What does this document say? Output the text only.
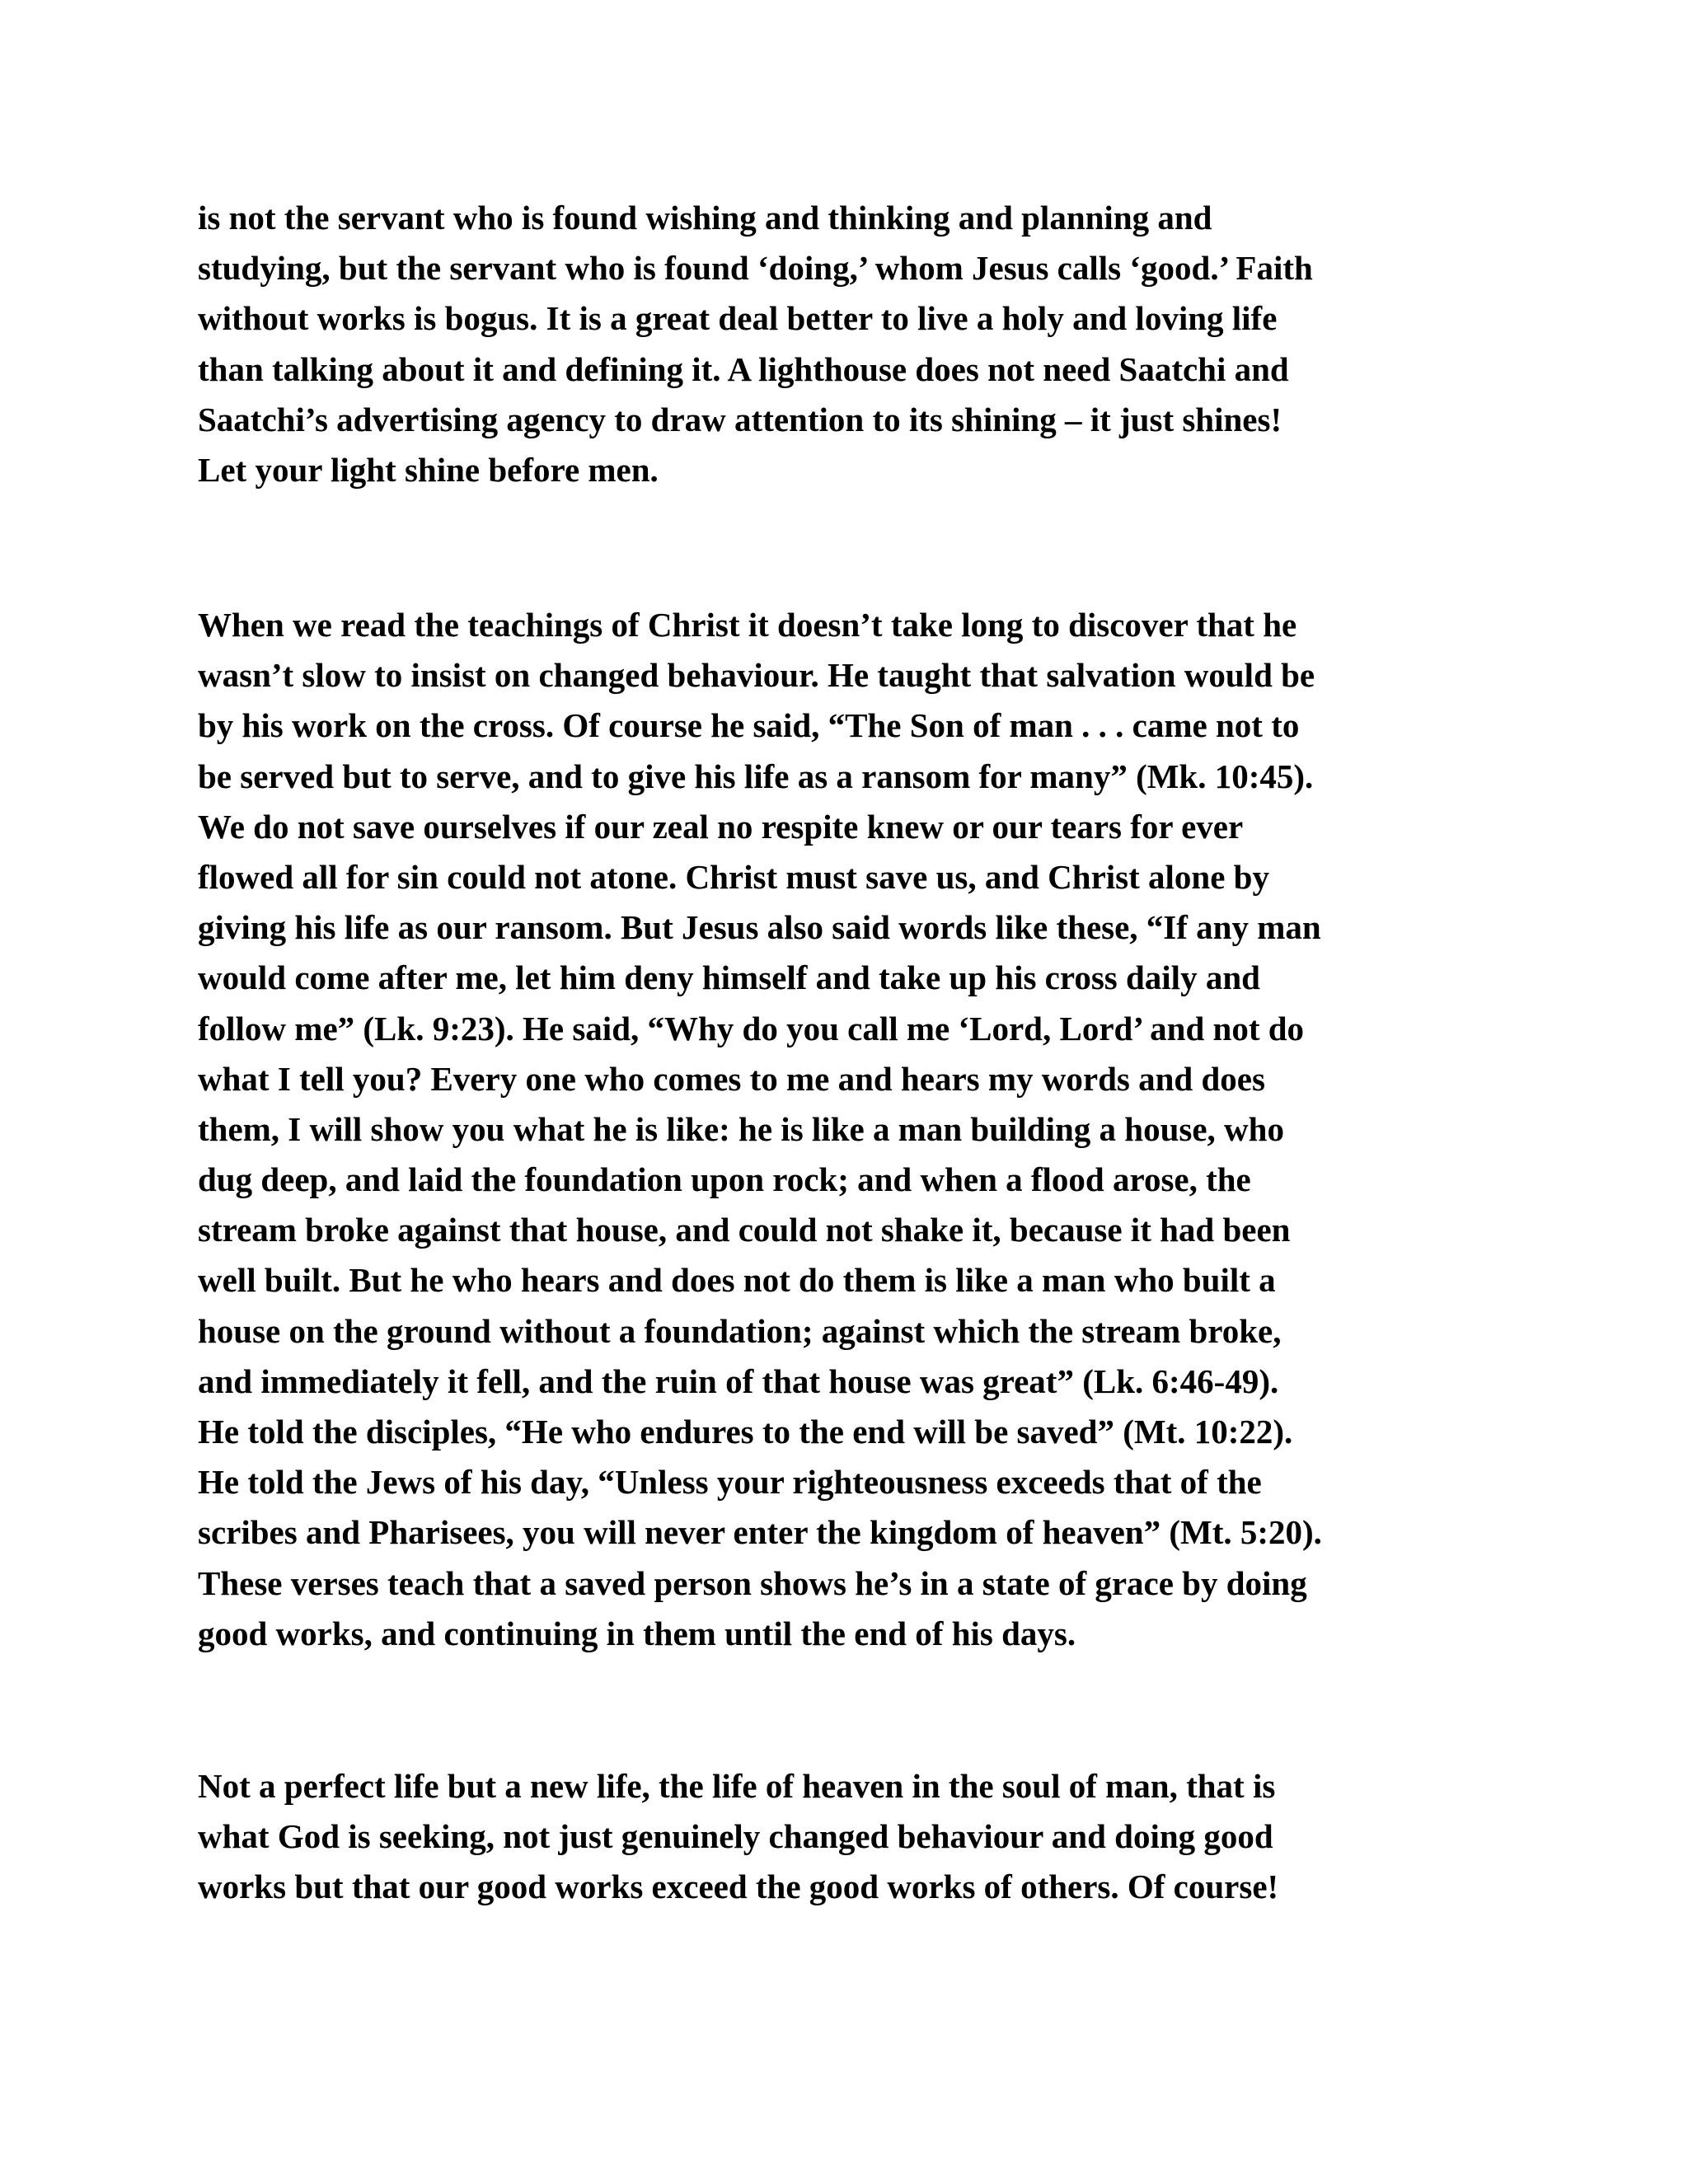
is not the servant who is found wishing and thinking and planning and
studying, but the servant who is found ‘doing,’ whom Jesus calls ‘good.’ Faith
without works is bogus. It is a great deal better to live a holy and loving life
than talking about it and defining it. A lighthouse does not need Saatchi and
Saatchi’s advertising agency to draw attention to its shining – it just shines!
Let your light shine before men.
When we read the teachings of Christ it doesn’t take long to discover that he
wasn’t slow to insist on changed behaviour. He taught that salvation would be
by his work on the cross. Of course he said, “The Son of man . . . came not to
be served but to serve, and to give his life as a ransom for many” (Mk. 10:45).
We do not save ourselves if our zeal no respite knew or our tears for ever
flowed all for sin could not atone. Christ must save us, and Christ alone by
giving his life as our ransom. But Jesus also said words like these, “If any man
would come after me, let him deny himself and take up his cross daily and
follow me” (Lk. 9:23). He said, “Why do you call me ‘Lord, Lord’ and not do
what I tell you? Every one who comes to me and hears my words and does
them, I will show you what he is like: he is like a man building a house, who
dug deep, and laid the foundation upon rock; and when a flood arose, the
stream broke against that house, and could not shake it, because it had been
well built. But he who hears and does not do them is like a man who built a
house on the ground without a foundation; against which the stream broke,
and immediately it fell, and the ruin of that house was great” (Lk. 6:46-49).
He told the disciples, “He who endures to the end will be saved” (Mt. 10:22).
He told the Jews of his day, “Unless your righteousness exceeds that of the
scribes and Pharisees, you will never enter the kingdom of heaven” (Mt. 5:20).
These verses teach that a saved person shows he’s in a state of grace by doing
good works, and continuing in them until the end of his days.
Not a perfect life but a new life, the life of heaven in the soul of man, that is
what God is seeking, not just genuinely changed behaviour and doing good
works but that our good works exceed the good works of others. Of course!
